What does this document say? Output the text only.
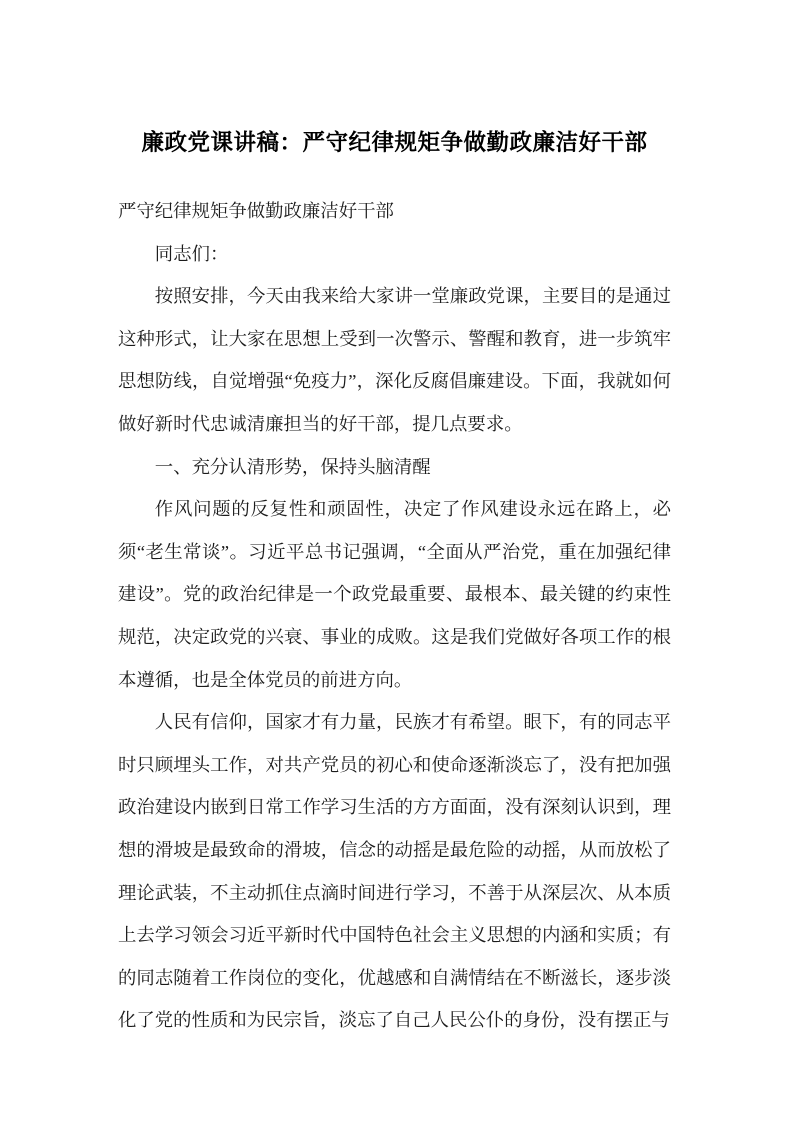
廉政党课讲稿：严守纪律规矩争做勤政廉洁好干部

严守纪律规矩争做勤政廉洁好干部

同志们：

按照安排，今天由我来给大家讲一堂廉政党课，主要目的是通过这种形式，让大家在思想上受到一次警示、警醒和教育，进一步筑牢思想防线，自觉增强“免疫力”，深化反腐倡廉建设。下面，我就如何做好新时代忠诚清廉担当的好干部，提几点要求。

一、充分认清形势，保持头脑清醒

作风问题的反复性和顽固性，决定了作风建设永远在路上，必须“老生常谈”。习近平总书记强调，“全面从严治党，重在加强纪律建设”。党的政治纪律是一个政党最重要、最根本、最关键的约束性规范，决定政党的兴衰、事业的成败。这是我们党做好各项工作的根本遵循，也是全体党员的前进方向。

人民有信仰，国家才有力量，民族才有希望。眼下，有的同志平时只顾埋头工作，对共产党员的初心和使命逐渐淡忘了，没有把加强政治建设内嵌到日常工作学习生活的方方面面，没有深刻认识到，理想的滑坡是最致命的滑坡，信念的动摇是最危险的动摇，从而放松了理论武装，不主动抓住点滴时间进行学习，不善于从深层次、从本质上去学习领会习近平新时代中国特色社会主义思想的内涵和实质；有的同志随着工作岗位的变化，优越感和自满情结在不断滋长，逐步淡化了党的性质和为民宗旨，淡忘了自己人民公仆的身份，没有摆正与
